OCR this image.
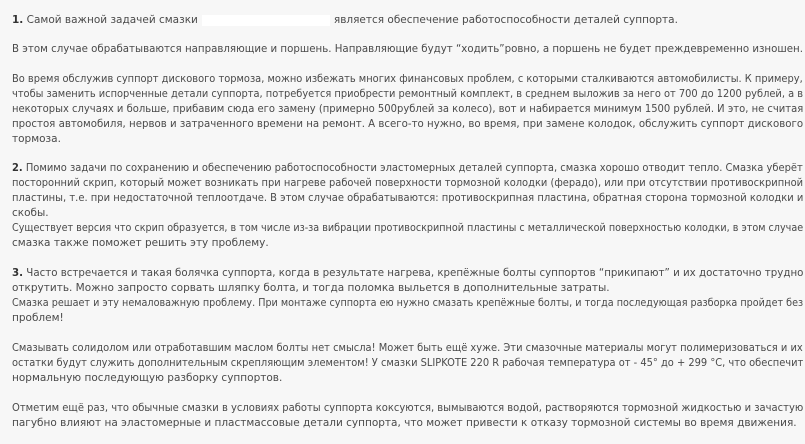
1. Самой важной задачей смазки	является обеспечение работоспособности деталей суппорта.
В этом случае обрабатываются направляющие и поршень. Направляющие будут “ходить”ровно, а поршень не будет преждевременно изношен.
Во время обслужив суппорт дискового тормоза, можно избежать многих финансовых проблем, с которыми сталкиваются автомобилисты. К примеру,
чтобы заменить испорченные детали суппорта, потребуется приобрести ремонтный комплект, в среднем выложив за него от 700 до 1200 рублей, а в
некоторых случаях и больше, прибавим сюда его замену (примерно 500рублей за колесо), вот и набирается минимум 1500 рублей. И это, не считая
простоя автомобиля, нервов и затраченного времени на ремонт. А всего-то нужно, во время, при замене колодок, обслужить суппорт дискового
тормоза.
2. Помимо задачи по сохранению и обеспечению работоспособности эластомерных деталей суппорта, смазка хорошо отводит тепло. Смазка уберёт
посторонний скрип, который может возникать при нагреве рабочей поверхности тормозной колодки (ферадо), или при отсутствии противоскрипной
пластины, т.е. при недостаточной теплоотдаче. В этом случае обрабатываются: противоскрипная пластина, обратная сторона тормозной колодки и
скобы.
Существует версия что скрип образуется, в том числе из-за вибрации противоскрипной пластины с металлической поверхностью колодки, в этом случае
смазка также поможет решить эту проблему.
3. Часто встречается и такая болячка суппорта, когда в результате нагрева, крепёжные болты суппортов “прикипают” и их достаточно трудно
открутить. Можно запросто сорвать шляпку болта, и тогда поломка выльется в дополнительные затраты.
Смазка решает и эту немаловажную проблему. При монтаже суппорта ею нужно смазать крепёжные болты, и тогда последующая разборка пройдет без
проблем!
Смазывать солидолом или отработавшим маслом болты нет смысла! Может быть ещё хуже. Эти смазочные материалы могут полимеризоваться и их
остатки будут служить дополнительным скрепляющим элементом! У смазки SLIPKOTE 220 R рабочая температура от - 45° до + 299 °C, что обеспечит
нормальную последующую разборку суппортов.
Отметим ещё раз, что обычные смазки в условиях работы суппорта коксуются, вымываются водой, растворяются тормозной жидкостью и зачастую
пагубно влияют на эластомерные и пластмассовые детали суппорта, что может привести к отказу тормозной системы во время движения.
